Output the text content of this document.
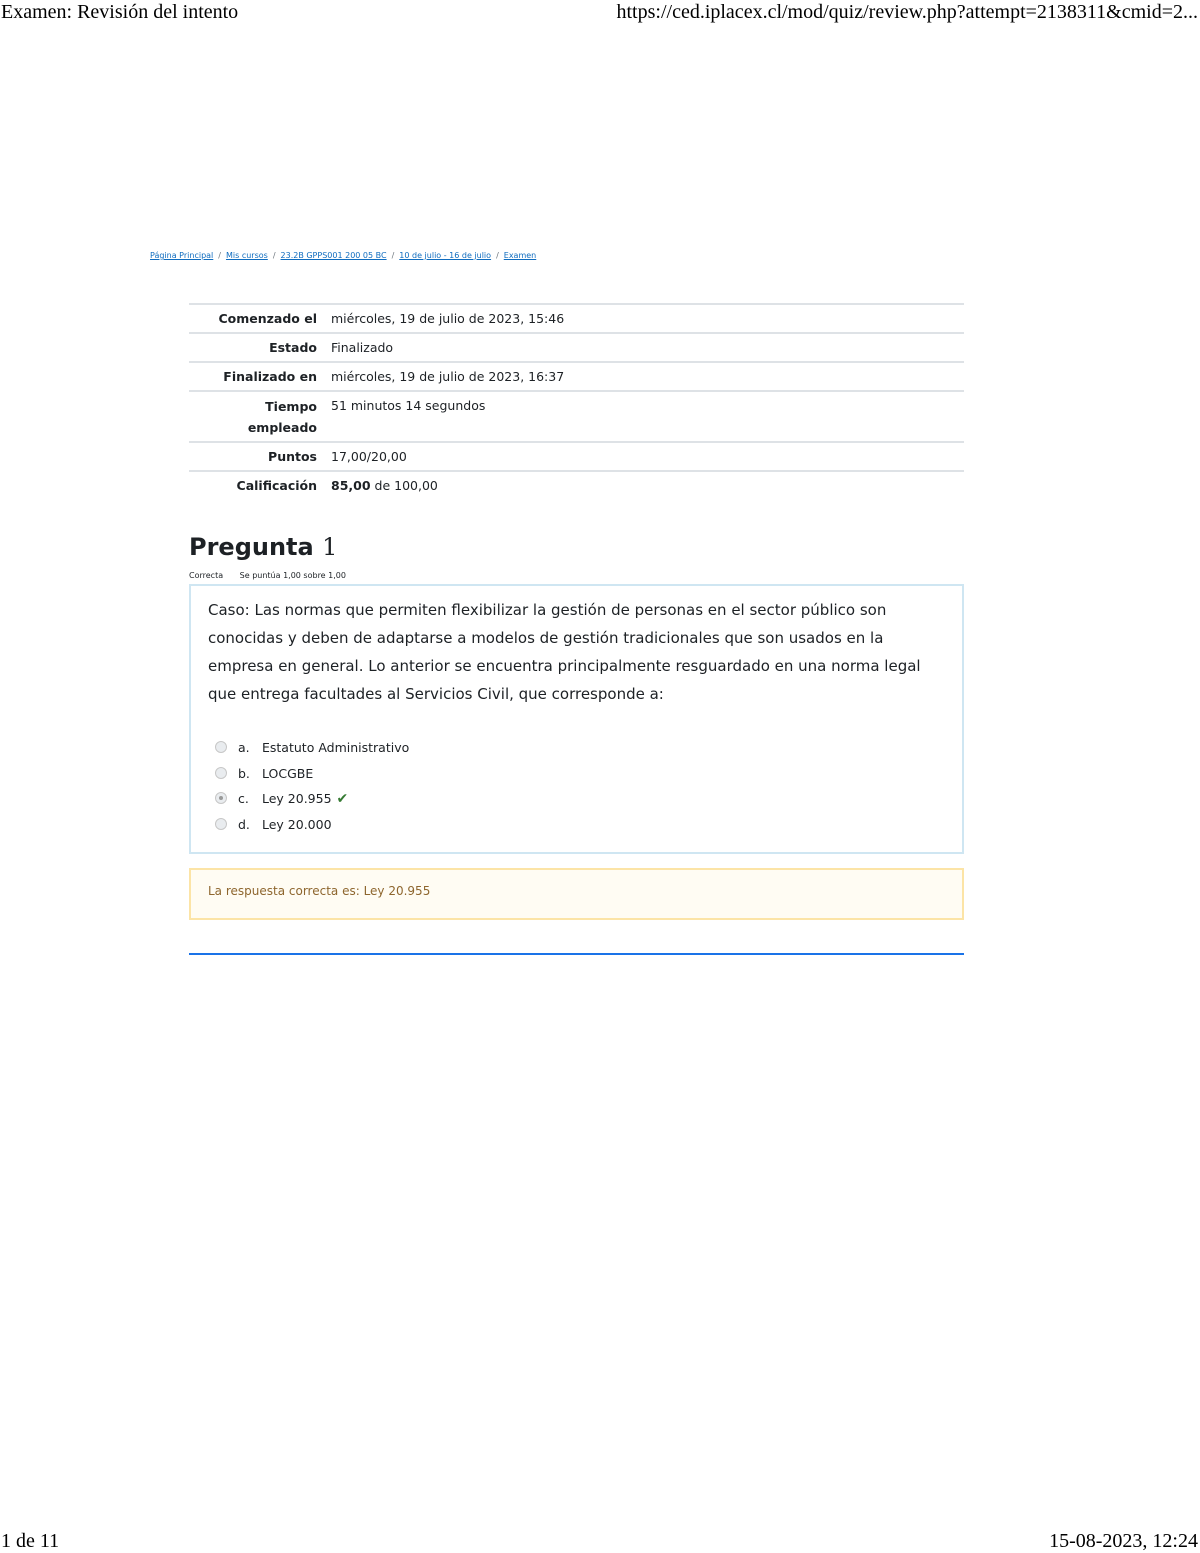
Examen: Revisión del intento	https://ced.iplacex.cl/mod/quiz/review.php?attempt=2138311&cmid=2...
Página Principal / Mis cursos / 23.2B GPPS001 200 05 BC / 10 de julio - 16 de julio / Examen
Comenzado el	miércoles, 19 de julio de 2023, 15:46
Estado	Finalizado
Finalizado en	miércoles, 19 de julio de 2023, 16:37
Tiempo empleado	51 minutos 14 segundos
Puntos	17,00/20,00
Calificación	85,00 de 100,00
Pregunta 1
Correcta Se puntúa 1,00 sobre 1,00
Caso: Las normas que permiten flexibilizar la gestión de personas en el sector público son conocidas y deben de adaptarse a modelos de gestión tradicionales que son usados en la empresa en general. Lo anterior se encuentra principalmente resguardado en una norma legal que entrega facultades al Servicios Civil, que corresponde a:
a. Estatuto Administrativo
b. LOCGBE
c. Ley 20.955 ✔
d. Ley 20.000
La respuesta correcta es: Ley 20.955
1 de 11	15-08-2023, 12:24
